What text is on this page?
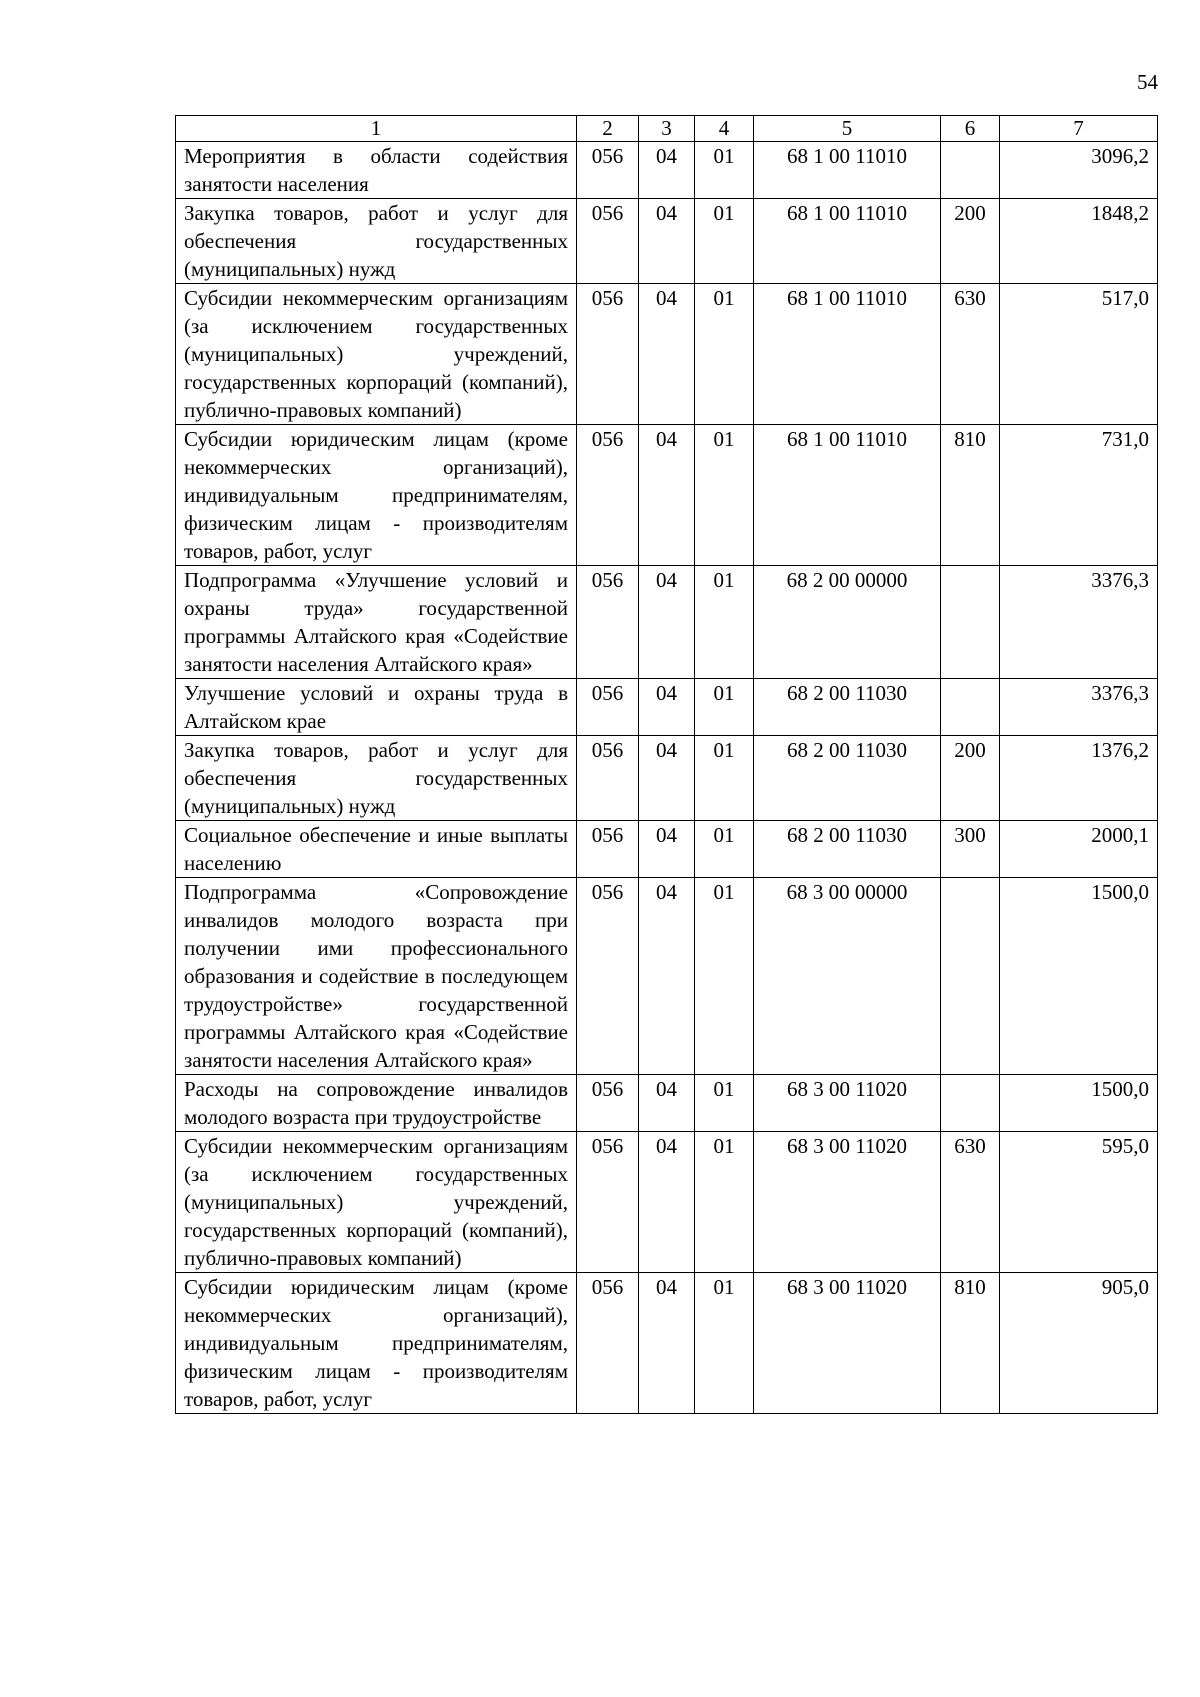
54
1	2	3	4	5	6	7
Мероприятия в области содействия занятости населения	056	04	01	68 1 00 11010		3096,2
Закупка товаров, работ и услуг для обеспечения государственных (муниципальных) нужд	056	04	01	68 1 00 11010	200	1848,2
Субсидии некоммерческим организациям (за исключением государственных (муниципальных) учреждений, государственных корпораций (компаний), публично-правовых компаний)	056	04	01	68 1 00 11010	630	517,0
Субсидии юридическим лицам (кроме некоммерческих организаций), индивидуальным предпринимателям, физическим лицам - производителям товаров, работ, услуг	056	04	01	68 1 00 11010	810	731,0
Подпрограмма «Улучшение условий и охраны труда» государственной программы Алтайского края «Содействие занятости населения Алтайского края»	056	04	01	68 2 00 00000		3376,3
Улучшение условий и охраны труда в Алтайском крае	056	04	01	68 2 00 11030		3376,3
Закупка товаров, работ и услуг для обеспечения государственных (муниципальных) нужд	056	04	01	68 2 00 11030	200	1376,2
Социальное обеспечение и иные выплаты населению	056	04	01	68 2 00 11030	300	2000,1
Подпрограмма «Сопровождение инвалидов молодого возраста при получении ими профессионального образования и содействие в последующем трудоустройстве» государственной программы Алтайского края «Содействие занятости населения Алтайского края»	056	04	01	68 3 00 00000		1500,0
Расходы на сопровождение инвалидов молодого возраста при трудоустройстве	056	04	01	68 3 00 11020		1500,0
Субсидии некоммерческим организациям (за исключением государственных (муниципальных) учреждений, государственных корпораций (компаний), публично-правовых компаний)	056	04	01	68 3 00 11020	630	595,0
Субсидии юридическим лицам (кроме некоммерческих организаций), индивидуальным предпринимателям, физическим лицам - производителям товаров, работ, услуг	056	04	01	68 3 00 11020	810	905,0
